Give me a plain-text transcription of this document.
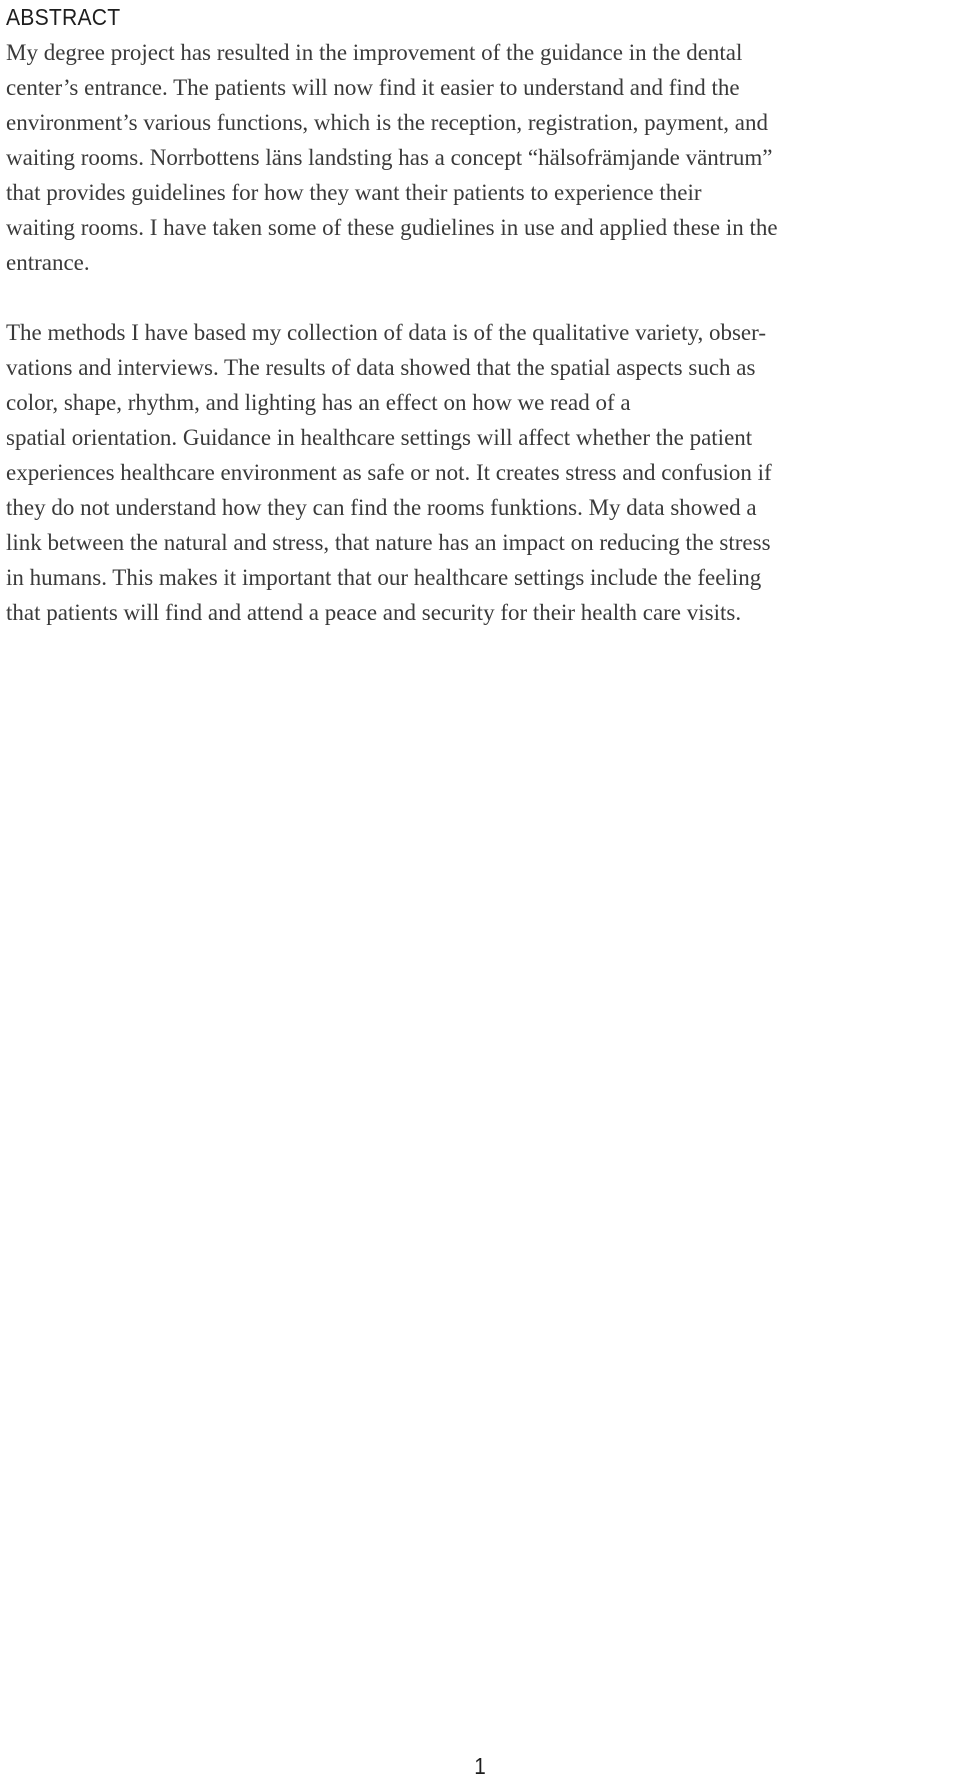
ABSTRACT

My degree project has resulted in the improvement of the guidance in the dental
center’s entrance. The patients will now find it easier to understand and find the
environment’s various functions, which is the reception, registration, payment, and
waiting rooms. Norrbottens läns landsting has a concept “hälsofrämjande väntrum”
that provides guidelines for how they want their patients to experience their
waiting rooms. I have taken some of these gudielines in use and applied these in the
entrance.

The methods I have based my collection of data is of the qualitative variety, obser-
vations and interviews. The results of data showed that the spatial aspects such as
color, shape, rhythm, and lighting has an effect on how we read of a
spatial orientation. Guidance in healthcare settings will affect whether the patient
experiences healthcare environment as safe or not. It creates stress and confusion if
they do not understand how they can find the rooms funktions. My data showed a
link between the natural and stress, that nature has an impact on reducing the stress
in humans. This makes it important that our healthcare settings include the feeling
that patients will find and attend a peace and security for their health care visits.

1
